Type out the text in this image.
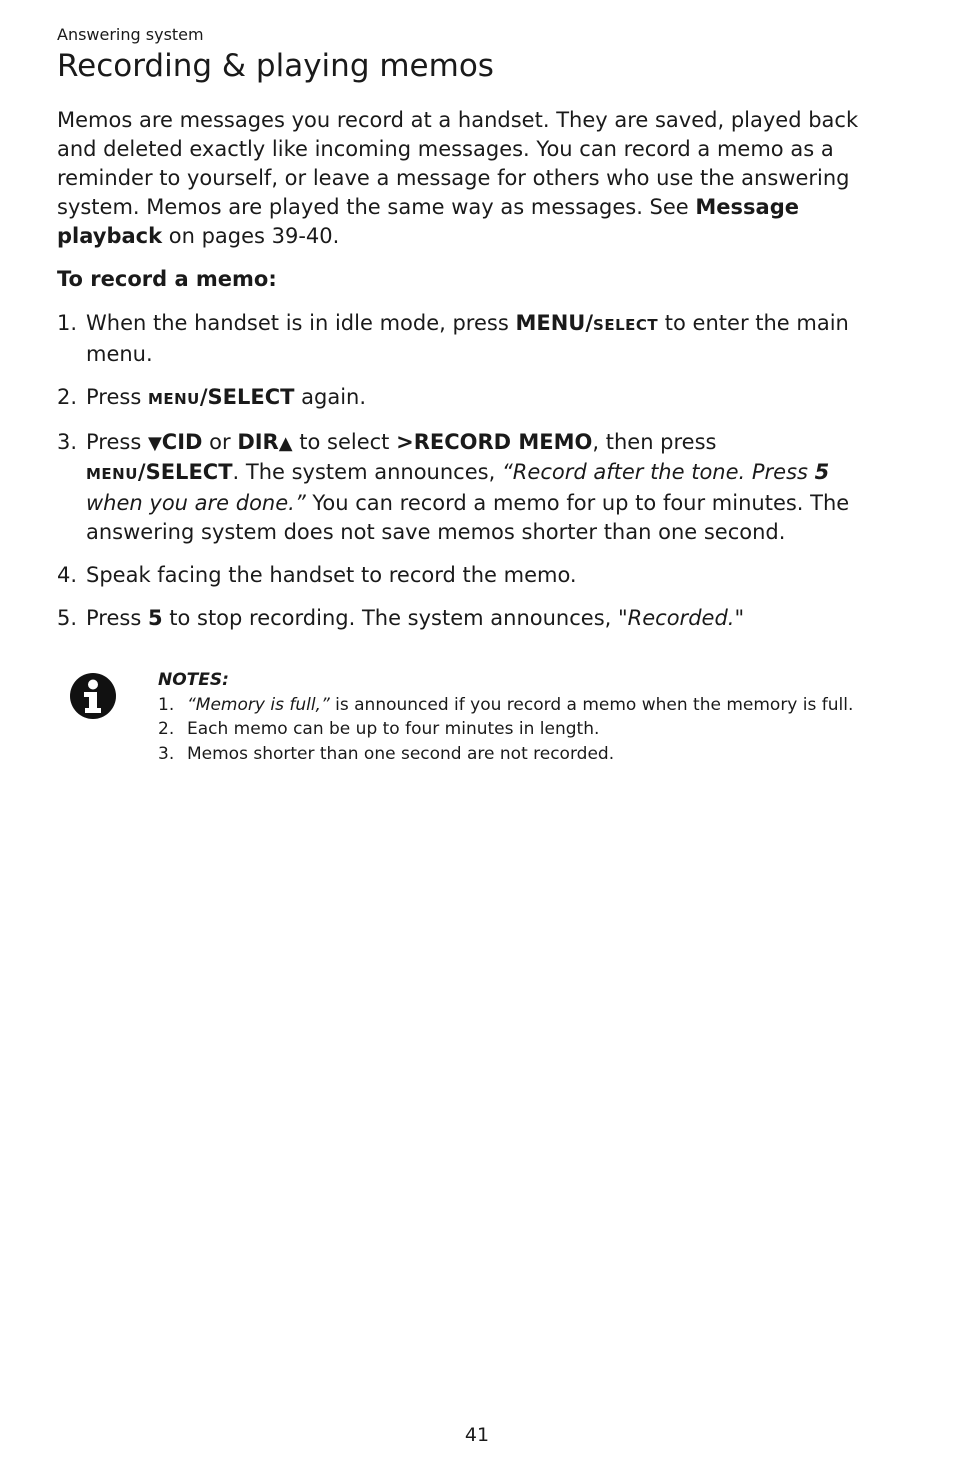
Answering system
Recording & playing memos

Memos are messages you record at a handset. They are saved, played back and deleted exactly like incoming messages. You can record a memo as a reminder to yourself, or leave a message for others who use the answering system. Memos are played the same way as messages. See Message playback on pages 39-40.

To record a memo:

1. When the handset is in idle mode, press MENU/SELECT to enter the main menu.
2. Press MENU/SELECT again.
3. Press ▼CID or DIR▲ to select >RECORD MEMO, then press
MENU/SELECT. The system announces, “Record after the tone. Press 5 when you are done.” You can record a memo for up to four minutes. The answering system does not save memos shorter than one second.
4. Speak facing the handset to record the memo.
5. Press 5 to stop recording. The system announces, "Recorded."
NOTES:
1. “Memory is full,” is announced if you record a memo when the memory is full.
2. Each memo can be up to four minutes in length.
3. Memos shorter than one second are not recorded.
41
